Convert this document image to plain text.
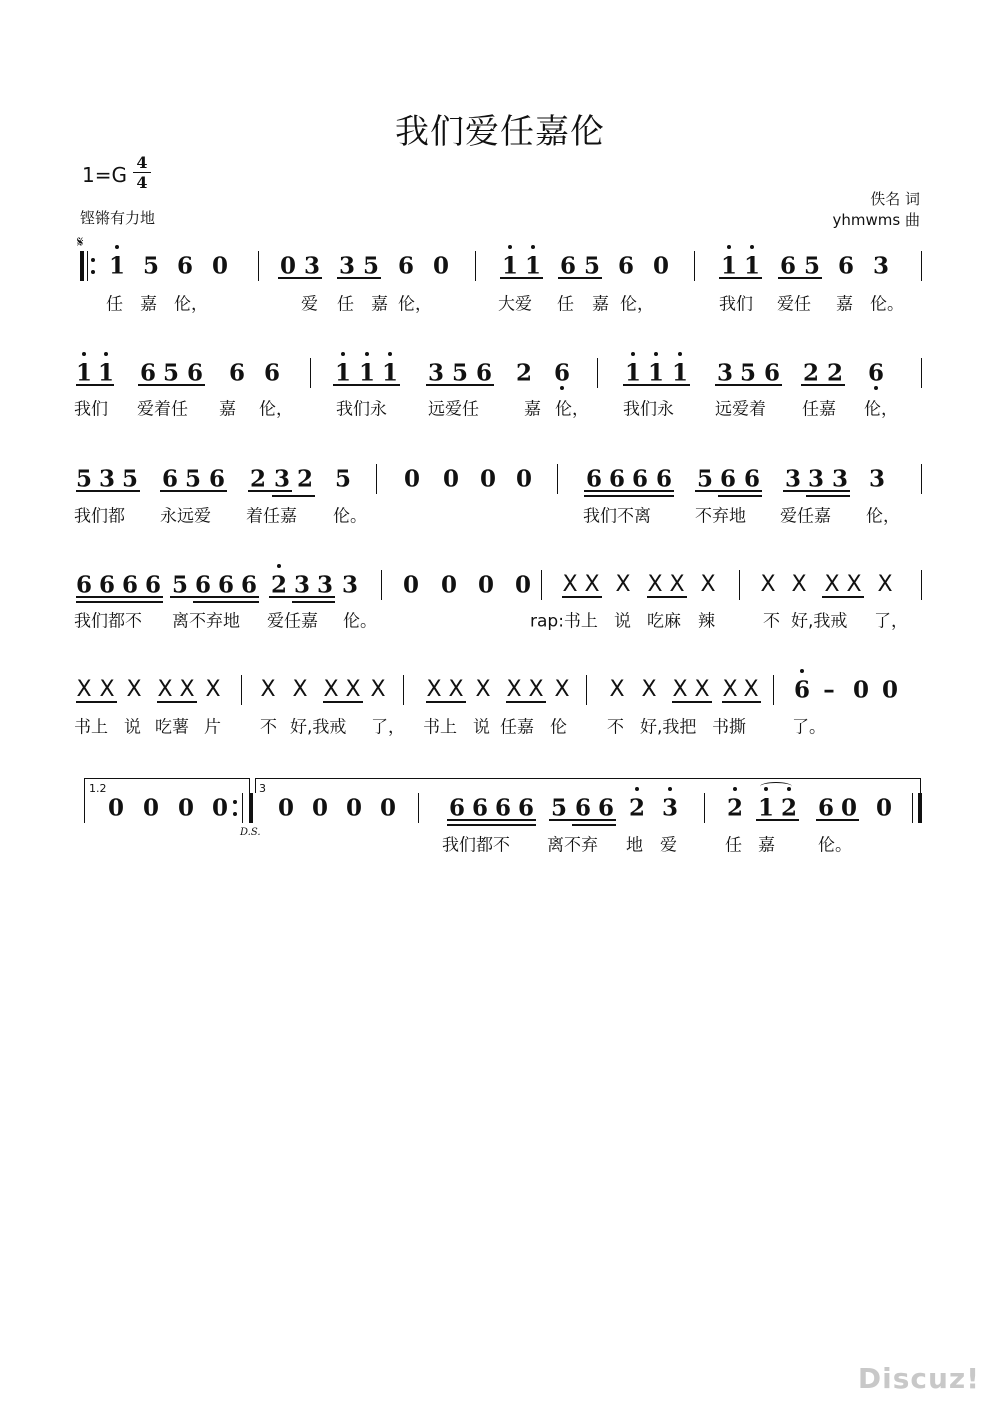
我们爱任嘉伦
1=G
4
4
铿锵有力地
佚名 词
yhmwms 曲
𝄋
Discuz!
1 5 6 0 0 3 3 5 6 0 1 1 6 5 6 0 1 1 6 5 6 3
任 嘉 伦，	爱 任 嘉 伦，	大爱 任 嘉 伦，	我们 爱任 嘉 伦。
1 1 6 5 6 6 6 1 1 1 3 5 6 2 6 1 1 1 3 5 6 2 2 6
我们 爱着任 嘉 伦，	我们永 远爱任	嘉 伦， 我们永 远爱着 任嘉 伦，
5 3 5 6 5 6 2 3 2 5 0 0 0 0 6 6 6 6 5 6 6 3 3 3 3
我们都 永远爱 着任嘉 伦。	我们不离	不弃地 爱任嘉 伦，
6 6 6 6 5 6 6 6 2 3 3 3 0 0 0 0 X X X X X X X X X X X
我们都不 离不弃地 爱任嘉 伦。	rap:书上 说 吃麻 辣	不 好,我戒 了，
X X X X X X X X X X X X X X X X X X X X X X X 6 – 0 0
书上 说 吃薯 片 不 好,我戒 了， 书上 说 任嘉 伦 不 好,我把 书撕	了。
0 0 0 0 0 0 0 0 6 6 6 6 5 6 6 2 3 2 1 2 6 0 0
我们都不 离不弃 地 爱	任 嘉	伦。
1.2
D.S.
3
